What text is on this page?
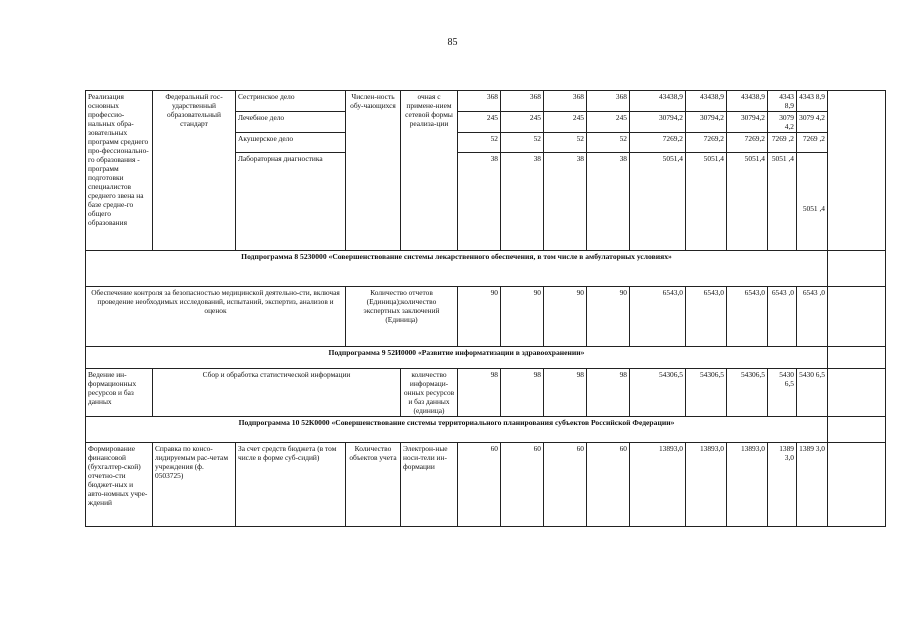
85
Реализация основных профессио-нальных обра-зовательных программ среднего про-фессионально-го образования - программ подготовки специалистов среднего звена на базе средне-го общего образования	Федеральный гос-ударственный образовательный стандарт	Сестринское дело	Числен-ность обу-чающихся	очная с примене-нием сетевой формы реализа-ции	368	368	368	368	43438,9	43438,9	43438,9	4343 8,9	4343 8,9	
		Лечебное дело			245	245	245	245	30794,2	30794,2	30794,2	3079 4,2	3079 4,2	
		Акушерское дело			52	52	52	52	7269,2	7269,2	7269,2	7269 ,2	7269 ,2	
		Лабораторная диагностика			38	38	38	38	5051,4	5051,4	5051,4	5051 ,4	5051 ,4	
Подпрограмма 8 5230000 «Совершенствование системы лекарственного обеспечения, в том числе в амбулаторных условиях»														
Обеспечение контроля за безопасностью медицинской деятельно-сти, включая проведение необходимых исследований, испытаний, экспертиз, анализов и оценок			Количество отчетов (Единица);количество экспертных заключений (Единица)		90	90	90	90	6543,0	6543,0	6543,0	6543 ,0	6543 ,0	
Подпрограмма 9 52И0000 «Развитие информатизации в здравоохранении»														
Ведение ин-формационных ресурсов и баз данных	Сбор и обработка статистической информации			количество информаци-онных ресурсов и баз данных (единица)	98	98	98	98	54306,5	54306,5	54306,5	5430 6,5	5430 6,5	
Подпрограмма 10 52К0000 «Совершенствование системы территориального планирования субъектов Российской Федерации»														
Формирование финансовой (бухгалтер-ской) отчетно-сти бюджет-ных и авто-номных учре-ждений	Справка по консо-лидируемым рас-четам учреждения (ф. 0503725)	За счет средств бюджета (в том числе в форме суб-сидий)	Количество объектов учета	Электрон-ные носи-тели ин-формации	60	60	60	60	13893,0	13893,0	13893,0	1389 3,0	1389 3,0	
